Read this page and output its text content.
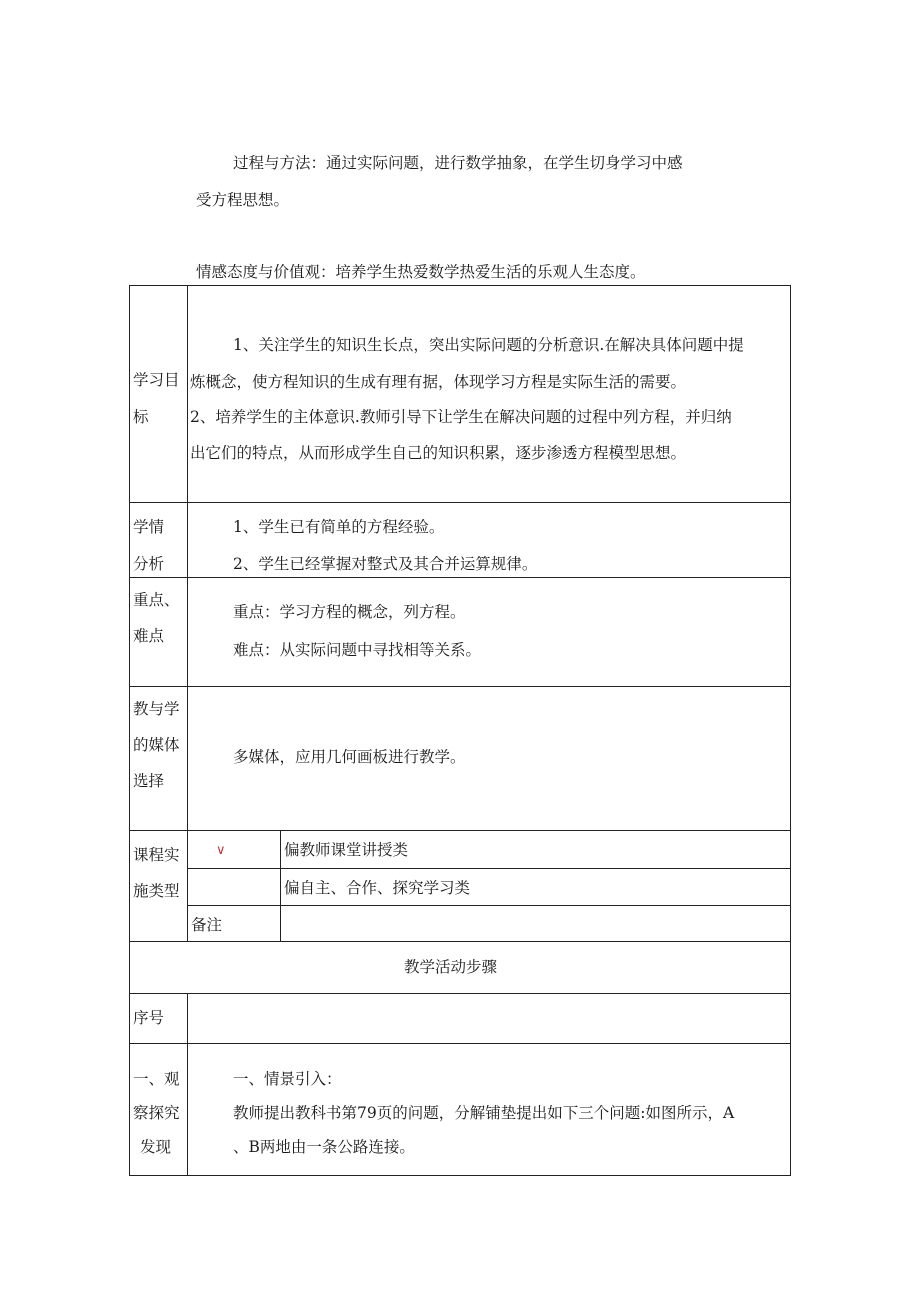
过程与方法：通过实际问题，进行数学抽象，在学生切身学习中感
受方程思想。
情感态度与价值观：培养学生热爱数学热爱生活的乐观人生态度。
学习目
标
1、关注学生的知识生长点，突出实际问题的分析意识.在解决具体问题中提
炼概念，使方程知识的生成有理有据，体现学习方程是实际生活的需要。
2、培养学生的主体意识.教师引导下让学生在解决问题的过程中列方程，并归纳
出它们的特点，从而形成学生自己的知识积累，逐步渗透方程模型思想。
学情
分析
1、学生已有简单的方程经验。
2、学生已经掌握对整式及其合并运算规律。
重点、
难点
重点：学习方程的概念，列方程。
难点：从实际问题中寻找相等关系。
教与学
的媒体
选择
多媒体，应用几何画板进行教学。
课程实
施类型
∨	偏教师课堂讲授类
偏自主、合作、探究学习类
备注
教学活动步骤
序号
一、观
察探究
发现
一、情景引入：
教师提出教科书第79页的问题，分解铺垫提出如下三个问题:如图所示，A
、B两地由一条公路连接。
